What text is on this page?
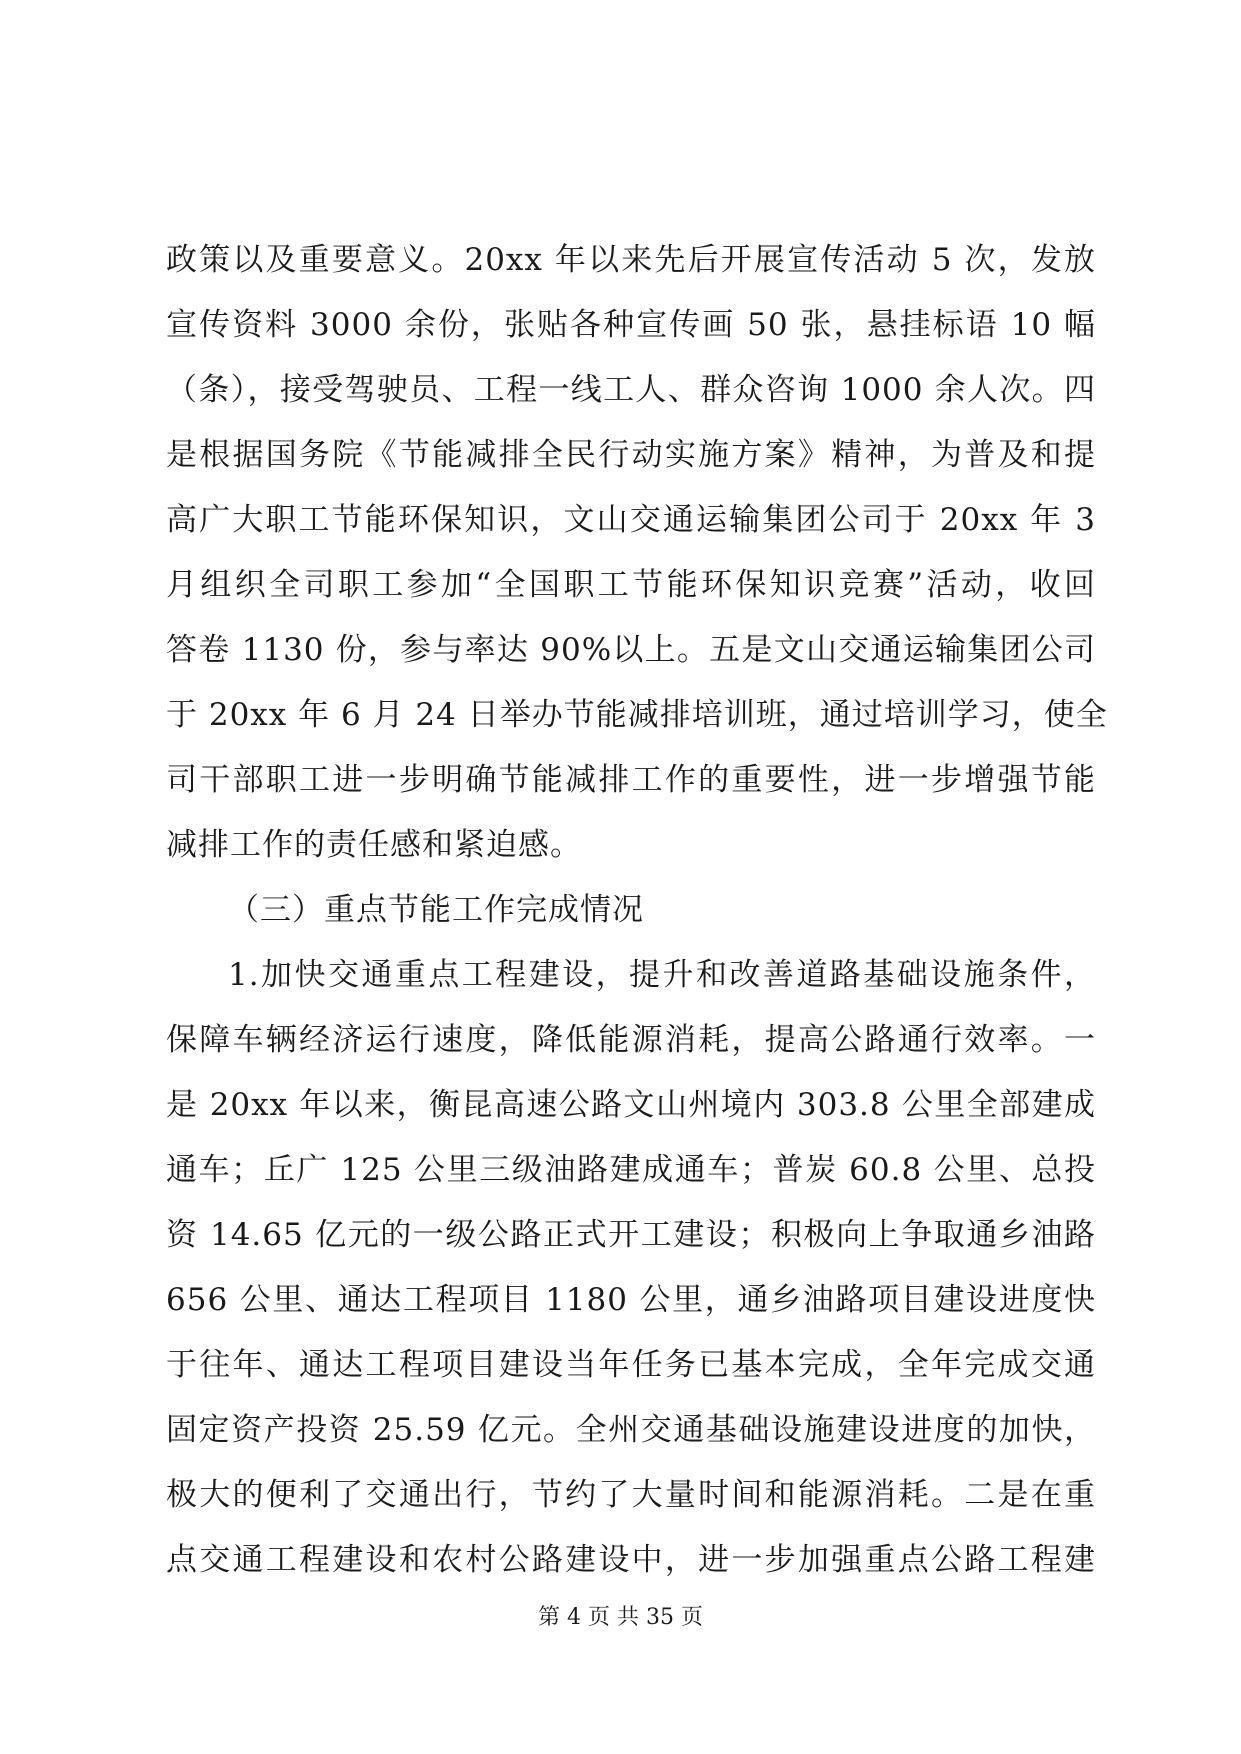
政策以及重要意义。20xx 年以来先后开展宣传活动 5 次，发放
宣传资料 3000 余份，张贴各种宣传画 50 张，悬挂标语 10 幅
（条），接受驾驶员、工程一线工人、群众咨询 1000 余人次。四
是根据国务院《节能减排全民行动实施方案》精神，为普及和提
高广大职工节能环保知识，文山交通运输集团公司于 20xx 年 3
月组织全司职工参加“全国职工节能环保知识竞赛”活动，收回
答卷 1130 份，参与率达 90%以上。五是文山交通运输集团公司
于 20xx 年 6 月 24 日举办节能减排培训班，通过培训学习，使全
司干部职工进一步明确节能减排工作的重要性，进一步增强节能
减排工作的责任感和紧迫感。
（三）重点节能工作完成情况
1.加快交通重点工程建设，提升和改善道路基础设施条件，
保障车辆经济运行速度，降低能源消耗，提高公路通行效率。一
是 20xx 年以来，衡昆高速公路文山州境内 303.8 公里全部建成
通车；丘广 125 公里三级油路建成通车；普炭 60.8 公里、总投
资 14.65 亿元的一级公路正式开工建设；积极向上争取通乡油路
656 公里、通达工程项目 1180 公里，通乡油路项目建设进度快
于往年、通达工程项目建设当年任务已基本完成，全年完成交通
固定资产投资 25.59 亿元。全州交通基础设施建设进度的加快，
极大的便利了交通出行，节约了大量时间和能源消耗。二是在重
点交通工程建设和农村公路建设中，进一步加强重点公路工程建
第 4 页 共 35 页
